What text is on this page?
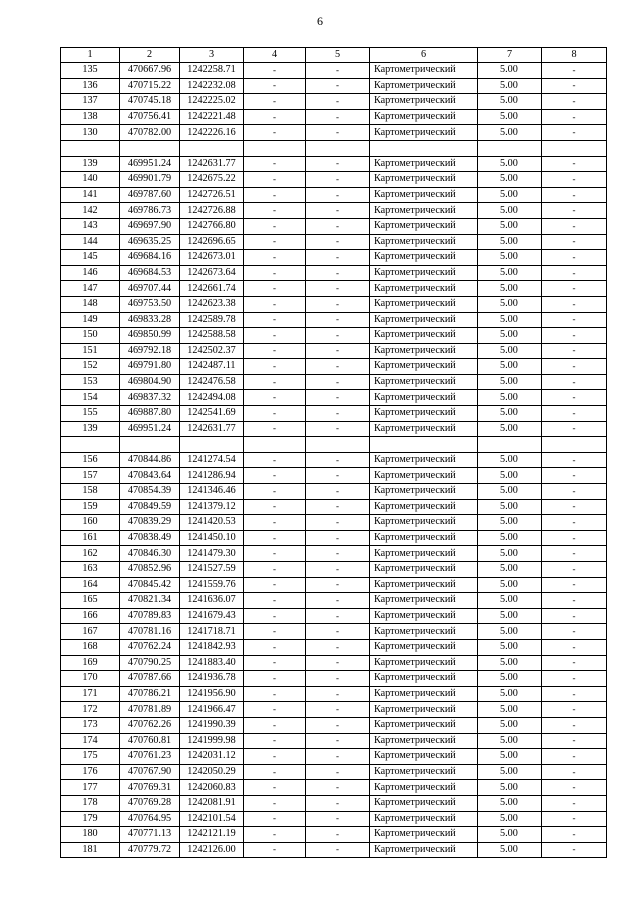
6
1	2	3	4	5	6	7	8
135	470667.96	1242258.71	-	-	Картометрический	5.00	-
136	470715.22	1242232.08	-	-	Картометрический	5.00	-
137	470745.18	1242225.02	-	-	Картометрический	5.00	-
138	470756.41	1242221.48	-	-	Картометрический	5.00	-
130	470782.00	1242226.16	-	-	Картометрический	5.00	-

139	469951.24	1242631.77	-	-	Картометрический	5.00	-
140	469901.79	1242675.22	-	-	Картометрический	5.00	-
141	469787.60	1242726.51	-	-	Картометрический	5.00	-
142	469786.73	1242726.88	-	-	Картометрический	5.00	-
143	469697.90	1242766.80	-	-	Картометрический	5.00	-
144	469635.25	1242696.65	-	-	Картометрический	5.00	-
145	469684.16	1242673.01	-	-	Картометрический	5.00	-
146	469684.53	1242673.64	-	-	Картометрический	5.00	-
147	469707.44	1242661.74	-	-	Картометрический	5.00	-
148	469753.50	1242623.38	-	-	Картометрический	5.00	-
149	469833.28	1242589.78	-	-	Картометрический	5.00	-
150	469850.99	1242588.58	-	-	Картометрический	5.00	-
151	469792.18	1242502.37	-	-	Картометрический	5.00	-
152	469791.80	1242487.11	-	-	Картометрический	5.00	-
153	469804.90	1242476.58	-	-	Картометрический	5.00	-
154	469837.32	1242494.08	-	-	Картометрический	5.00	-
155	469887.80	1242541.69	-	-	Картометрический	5.00	-
139	469951.24	1242631.77	-	-	Картометрический	5.00	-

156	470844.86	1241274.54	-	-	Картометрический	5.00	-
157	470843.64	1241286.94	-	-	Картометрический	5.00	-
158	470854.39	1241346.46	-	-	Картометрический	5.00	-
159	470849.59	1241379.12	-	-	Картометрический	5.00	-
160	470839.29	1241420.53	-	-	Картометрический	5.00	-
161	470838.49	1241450.10	-	-	Картометрический	5.00	-
162	470846.30	1241479.30	-	-	Картометрический	5.00	-
163	470852.96	1241527.59	-	-	Картометрический	5.00	-
164	470845.42	1241559.76	-	-	Картометрический	5.00	-
165	470821.34	1241636.07	-	-	Картометрический	5.00	-
166	470789.83	1241679.43	-	-	Картометрический	5.00	-
167	470781.16	1241718.71	-	-	Картометрический	5.00	-
168	470762.24	1241842.93	-	-	Картометрический	5.00	-
169	470790.25	1241883.40	-	-	Картометрический	5.00	-
170	470787.66	1241936.78	-	-	Картометрический	5.00	-
171	470786.21	1241956.90	-	-	Картометрический	5.00	-
172	470781.89	1241966.47	-	-	Картометрический	5.00	-
173	470762.26	1241990.39	-	-	Картометрический	5.00	-
174	470760.81	1241999.98	-	-	Картометрический	5.00	-
175	470761.23	1242031.12	-	-	Картометрический	5.00	-
176	470767.90	1242050.29	-	-	Картометрический	5.00	-
177	470769.31	1242060.83	-	-	Картометрический	5.00	-
178	470769.28	1242081.91	-	-	Картометрический	5.00	-
179	470764.95	1242101.54	-	-	Картометрический	5.00	-
180	470771.13	1242121.19	-	-	Картометрический	5.00	-
181	470779.72	1242126.00	-	-	Картометрический	5.00	-
